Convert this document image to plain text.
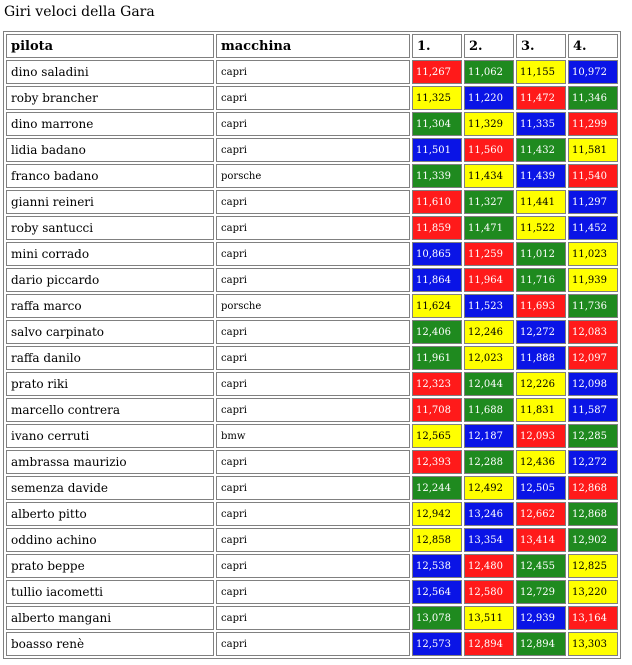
Giri veloci della Gara
pilota	macchina	1.	2.	3.	4.
dino saladini	capri	11,267	11,062	11,155	10,972
roby brancher	capri	11,325	11,220	11,472	11,346
dino marrone	capri	11,304	11,329	11,335	11,299
lidia badano	capri	11,501	11,560	11,432	11,581
franco badano	porsche	11,339	11,434	11,439	11,540
gianni reineri	capri	11,610	11,327	11,441	11,297
roby santucci	capri	11,859	11,471	11,522	11,452
mini corrado	capri	10,865	11,259	11,012	11,023
dario piccardo	capri	11,864	11,964	11,716	11,939
raffa marco	porsche	11,624	11,523	11,693	11,736
salvo carpinato	capri	12,406	12,246	12,272	12,083
raffa danilo	capri	11,961	12,023	11,888	12,097
prato riki	capri	12,323	12,044	12,226	12,098
marcello contrera	capri	11,708	11,688	11,831	11,587
ivano cerruti	bmw	12,565	12,187	12,093	12,285
ambrassa maurizio	capri	12,393	12,288	12,436	12,272
semenza davide	capri	12,244	12,492	12,505	12,868
alberto pitto	capri	12,942	13,246	12,662	12,868
oddino achino	capri	12,858	13,354	13,414	12,902
prato beppe	capri	12,538	12,480	12,455	12,825
tullio iacometti	capri	12,564	12,580	12,729	13,220
alberto mangani	capri	13,078	13,511	12,939	13,164
boasso renè	capri	12,573	12,894	12,894	13,303
